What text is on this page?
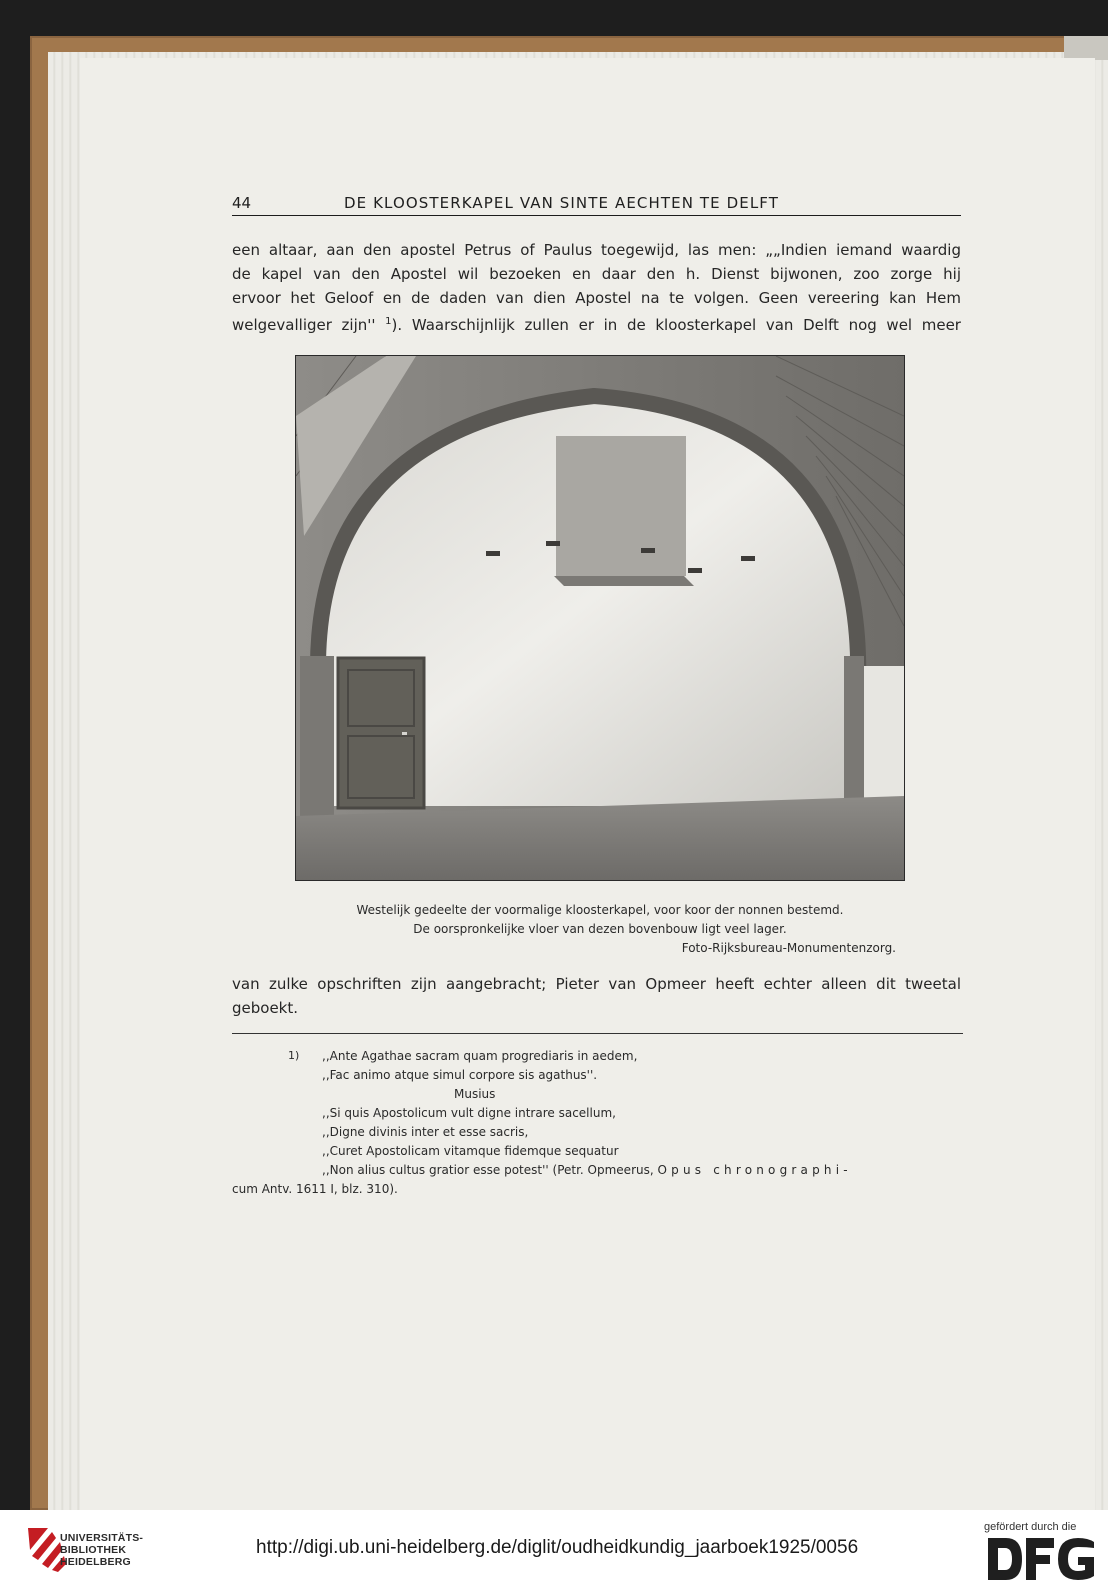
44	DE KLOOSTERKAPEL VAN SINTE AECHTEN TE DELFT
een altaar, aan den apostel Petrus of Paulus toegewijd, las men: „„Indien iemand waardig
de kapel van den Apostel wil bezoeken en daar den h. Dienst bijwonen, zoo zorge hij
ervoor het Geloof en de daden van dien Apostel na te volgen. Geen vereering kan Hem
welgevalliger zijn'' $^1$). Waarschijnlijk zullen er in de kloosterkapel van Delft nog wel meer
Westelijk gedeelte der voormalige kloosterkapel, voor koor der nonnen bestemd.
De oorspronkelijke vloer van dezen bovenbouw ligt veel lager.
Foto-Rijksbureau-Monumentenzorg.
van zulke opschriften zijn aangebracht; Pieter van Opmeer heeft echter alleen dit tweetal
geboekt.
1) ,,Ante Agathae sacram quam progrediaris in aedem,
,,Fac animo atque simul corpore sis agathus''.
Musius
,,Si quis Apostolicum vult digne intrare sacellum,
,,Digne divinis inter et esse sacris,
,,Curet Apostolicam vitamque fidemque sequatur
,,Non alius cultus gratior esse potest'' (Petr. Opmeerus, Opus chronographi-
cum Antv. 1611 I, blz. 310).
UNIVERSITÄTS-
BIBLIOTHEK
HEIDELBERG
http://digi.ub.uni-heidelberg.de/diglit/oudheidkundig_jaarboek1925/0056
gefördert durch die
